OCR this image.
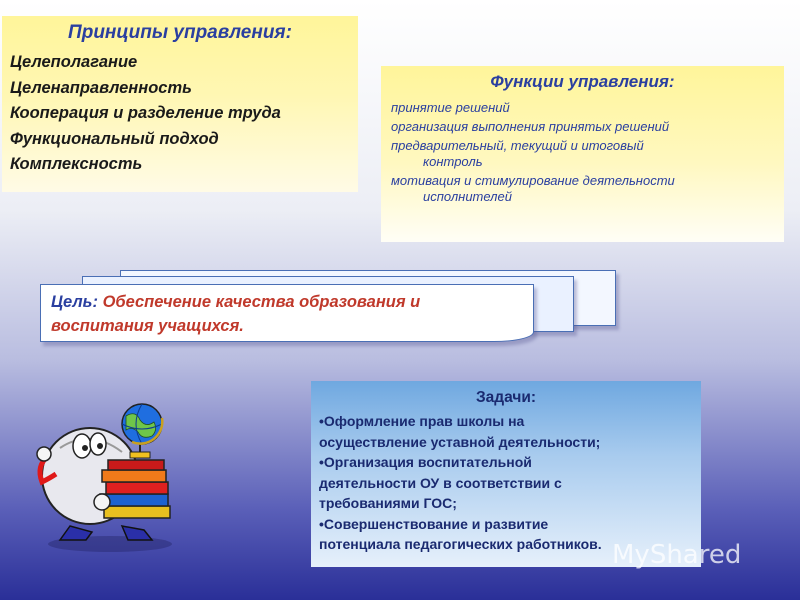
Принципы управления:
Целеполагание
Целенаправленность
Кооперация и разделение труда
Функциональный подход
Комплексность
Функции управления:
принятие решений
организация выполнения принятых решений
предварительный, текущий и итоговый
контроль
мотивация и стимулирование деятельности
исполнителей
Цель: Обеспечение качества образования и
воспитания учащихся.
Задачи:
•Оформление прав школы на
осуществление уставной деятельности;
•Организация воспитательной
деятельности ОУ в соответствии с
требованиями ГОС;
•Совершенствование и развитие
потенциала педагогических работников. MyShared
